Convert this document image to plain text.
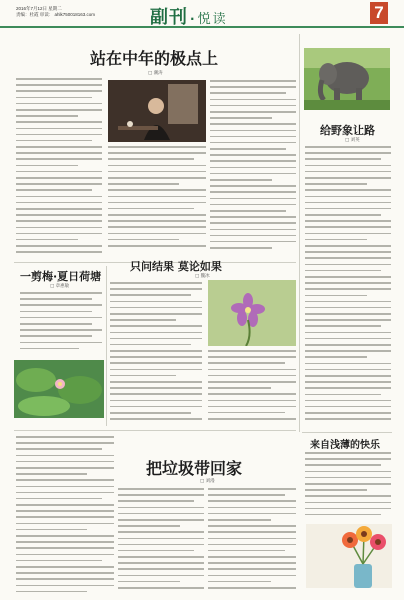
2016年7月12日 星期二
责编：杜霞 审读： ahlk750018163.com	副刊 · 悦读	7
站在中年的极点上
□ 潮涛
给野象让路
□ 刘英
一剪梅·夏日荷塘
□ 章惠敏
只问结果 莫论如果
□ 魏冰
把垃圾带回家
□ 刘漫
来自浅薄的快乐
